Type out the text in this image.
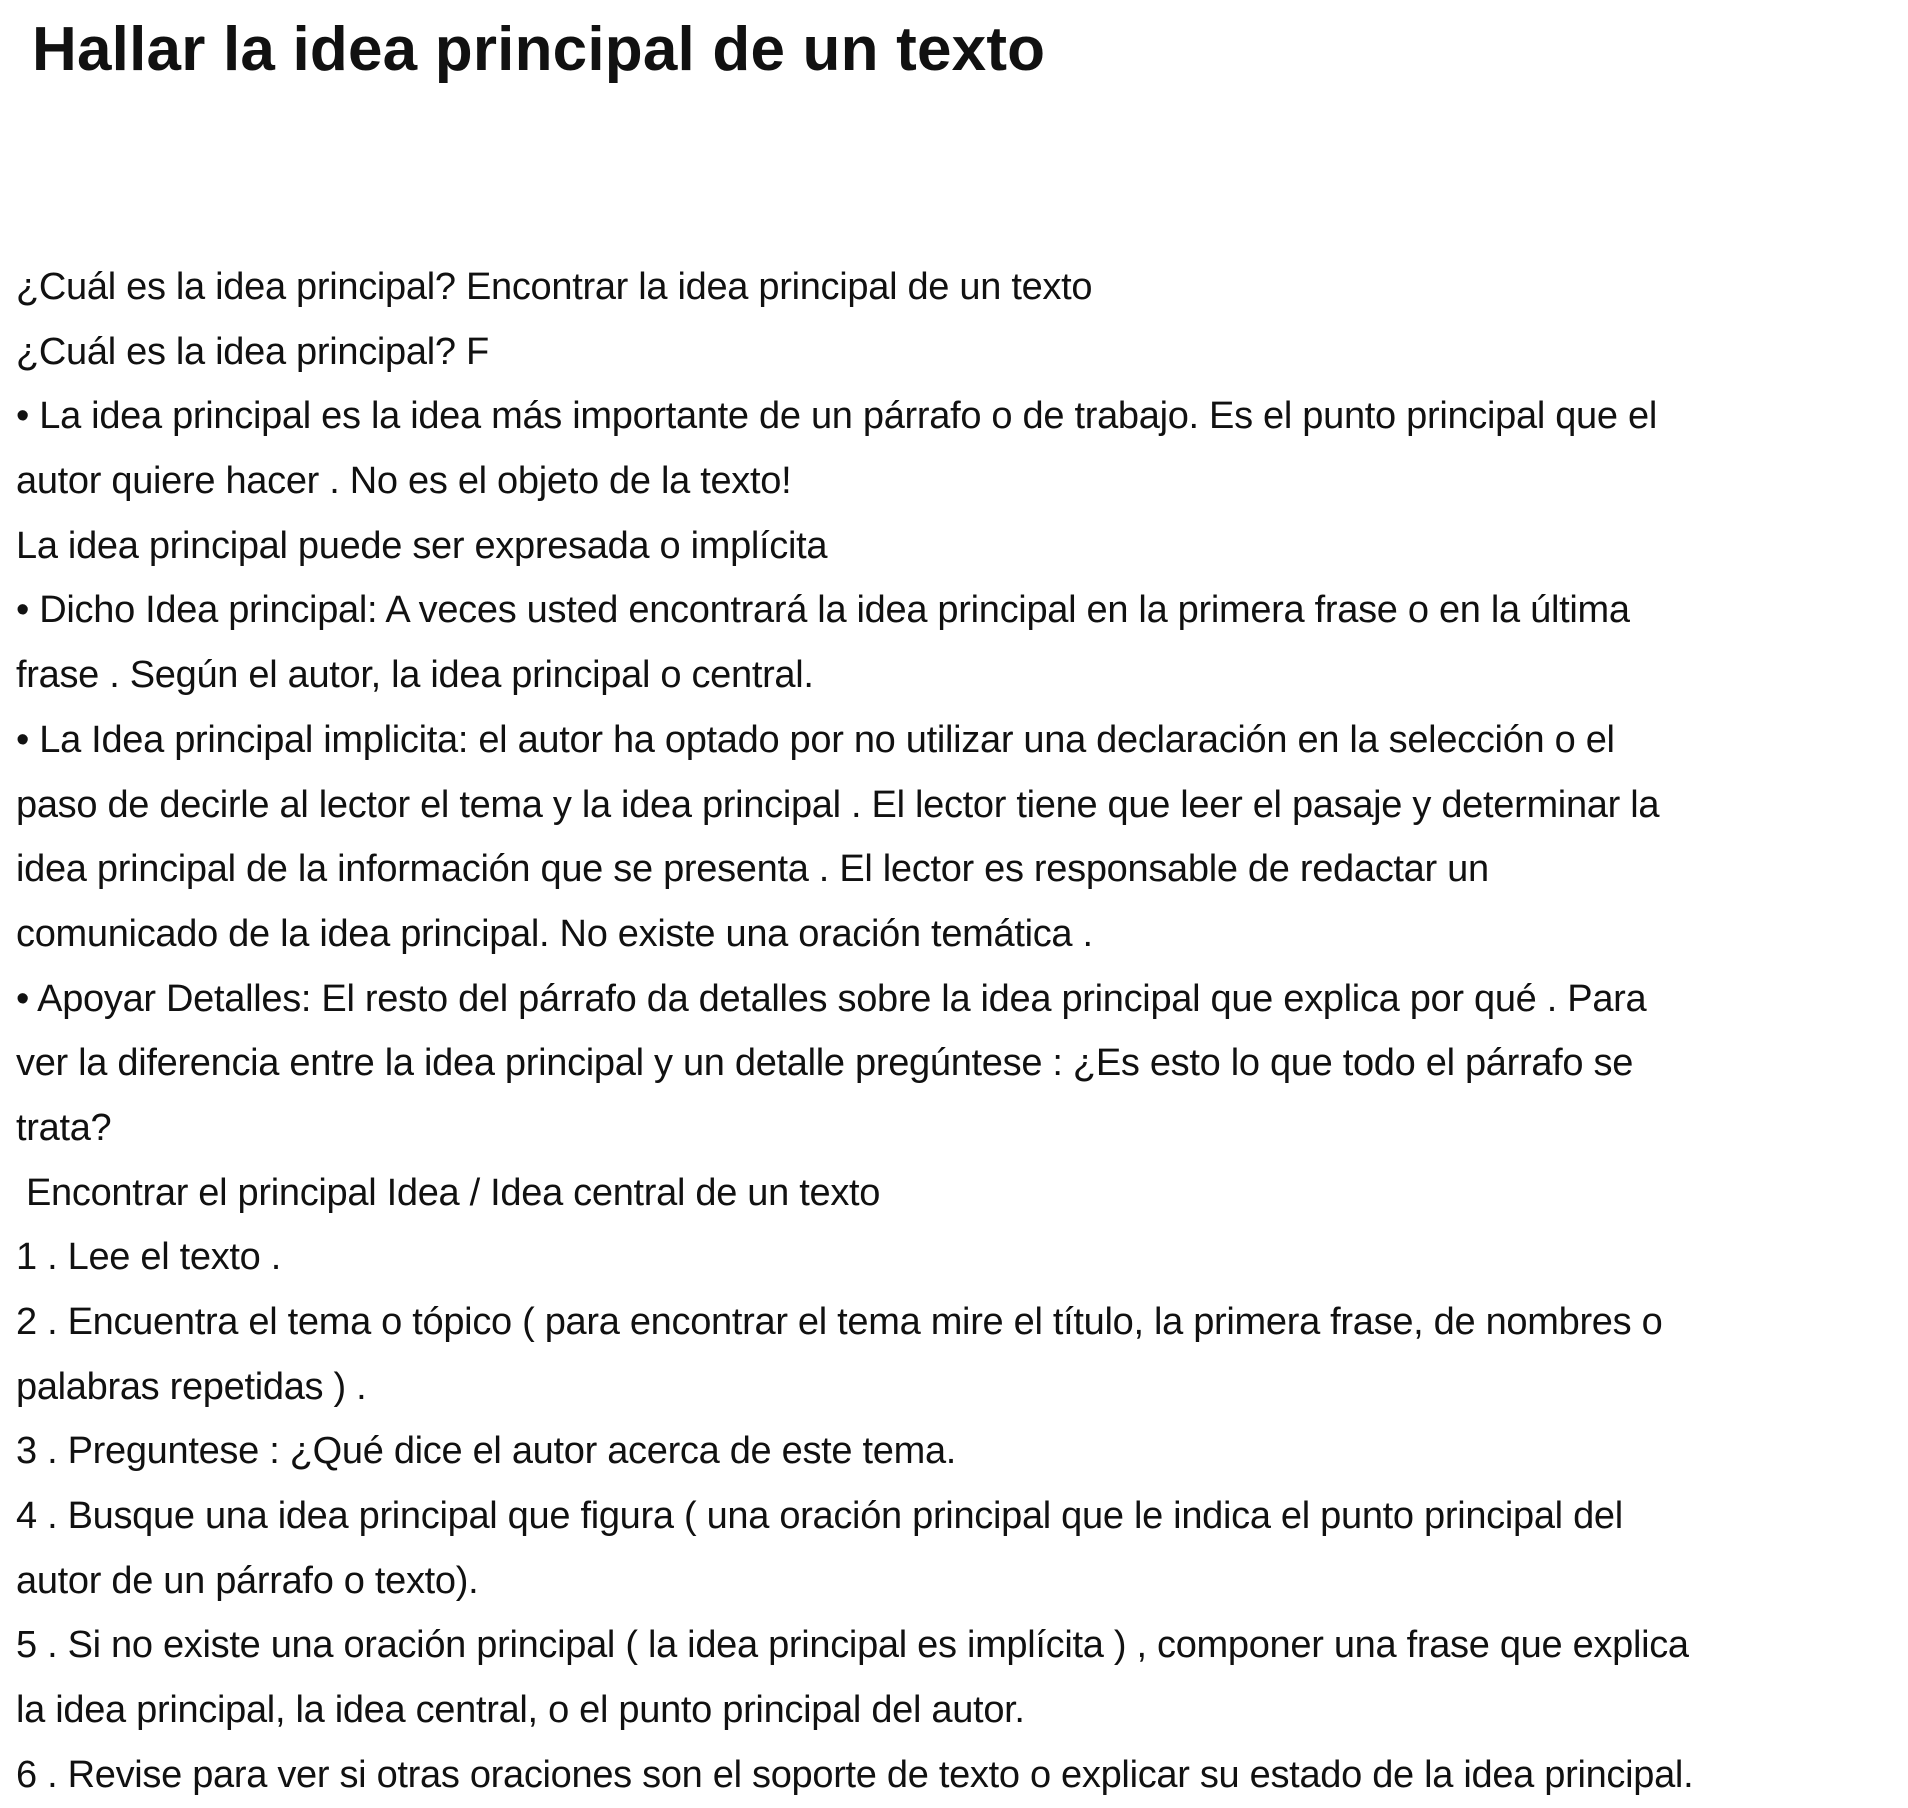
Hallar la idea principal de un texto
¿Cuál es la idea principal? Encontrar la idea principal de un texto
¿Cuál es la idea principal? F
• La idea principal es la idea más importante de un párrafo o de trabajo. Es el punto principal que el
autor quiere hacer . No es el objeto de la texto!
La idea principal puede ser expresada o implícita
• Dicho Idea principal: A veces usted encontrará la idea principal en la primera frase o en la última
frase . Según el autor, la idea principal o central.
• La Idea principal implicita: el autor ha optado por no utilizar una declaración en la selección o el
paso de decirle al lector el tema y la idea principal . El lector tiene que leer el pasaje y determinar la
idea principal de la información que se presenta . El lector es responsable de redactar un
comunicado de la idea principal. No existe una oración temática .
• Apoyar Detalles: El resto del párrafo da detalles sobre la idea principal que explica por qué . Para
ver la diferencia entre la idea principal y un detalle pregúntese : ¿Es esto lo que todo el párrafo se
trata?
Encontrar el principal Idea / Idea central de un texto
1 . Lee el texto .
2 . Encuentra el tema o tópico ( para encontrar el tema mire el título, la primera frase, de nombres o
palabras repetidas ) .
3 . Preguntese : ¿Qué dice el autor acerca de este tema.
4 . Busque una idea principal que figura ( una oración principal que le indica el punto principal del
autor de un párrafo o texto).
5 . Si no existe una oración principal ( la idea principal es implícita ) , componer una frase que explica
la idea principal, la idea central, o el punto principal del autor.
6 . Revise para ver si otras oraciones son el soporte de texto o explicar su estado de la idea principal.
